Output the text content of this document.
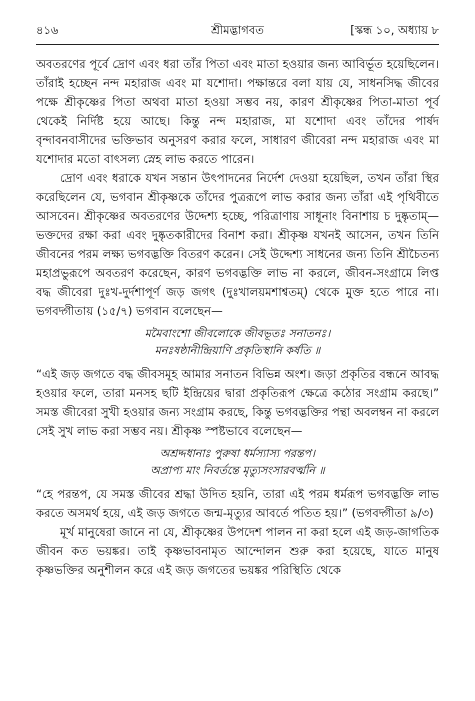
৪১৬	শ্রীমদ্ভাগবত	[স্কন্ধ ১০, অধ্যায় ৮

অবতরণের পূর্বে দ্রোণ এবং ধরা তাঁর পিতা এবং মাতা হওয়ার জন্য আবির্ভূত হয়েছিলেন। তাঁরাই হচ্ছেন নন্দ মহারাজ এবং মা যশোদা। পক্ষান্তরে বলা যায় যে, সাধনসিদ্ধ জীবের পক্ষে শ্রীকৃষ্ণের পিতা অথবা মাতা হওয়া সম্ভব নয়, কারণ শ্রীকৃষ্ণের পিতা-মাতা পূর্ব থেকেই নির্দিষ্ট হয়ে আছে। কিন্তু নন্দ মহারাজ, মা যশোদা এবং তাঁদের পার্ষদ বৃন্দাবনবাসীদের ভক্তিভাব অনুসরণ করার ফলে, সাধারণ জীবেরা নন্দ মহারাজ এবং মা যশোদার মতো বাৎসল্য স্নেহ লাভ করতে পারেন।

দ্রোণ এবং ধরাকে যখন সন্তান উৎপাদনের নির্দেশ দেওয়া হয়েছিল, তখন তাঁরা স্থির করেছিলেন যে, ভগবান শ্রীকৃষ্ণকে তাঁদের পুত্ররূপে লাভ করার জন্য তাঁরা এই পৃথিবীতে আসবেন। শ্রীকৃষ্ণের অবতরণের উদ্দেশ্য হচ্ছে, পরিত্রাণায় সাধূনাং বিনাশায় চ দুষ্কৃতাম্—ভক্তদের রক্ষা করা এবং দুষ্কৃতকারীদের বিনাশ করা। শ্রীকৃষ্ণ যখনই আসেন, তখন তিনি জীবনের পরম লক্ষ্য ভগবদ্ভক্তি বিতরণ করেন। সেই উদ্দেশ্য সাধনের জন্য তিনি শ্রীচৈতন্য মহাপ্রভুরূপে অবতরণ করেছেন, কারণ ভগবদ্ভক্তি লাভ না করলে, জীবন-সংগ্রামে লিপ্ত বদ্ধ জীবেরা দুঃখ-দুর্দশাপূর্ণ জড় জগৎ (দুঃখালয়মশাশ্বতম্) থেকে মুক্ত হতে পারে না। ভগবদ্গীতায় (১৫/৭) ভগবান বলেছেন—

মমৈবাংশো জীবলোকে জীবভূতঃ সনাতনঃ।
মনঃষষ্ঠানীন্দ্রিয়াণি প্রকৃতিস্থানি কর্ষতি ॥

“এই জড় জগতে বদ্ধ জীবসমূহ আমার সনাতন বিভিন্ন অংশ। জড়া প্রকৃতির বন্ধনে আবদ্ধ হওয়ার ফলে, তারা মনসহ ছটি ইন্দ্রিয়ের দ্বারা প্রকৃতিরূপ ক্ষেত্রে কঠোর সংগ্রাম করছে।” সমস্ত জীবেরা সুখী হওয়ার জন্য সংগ্রাম করছে, কিন্তু ভগবদ্ভক্তির পন্থা অবলম্বন না করলে সেই সুখ লাভ করা সম্ভব নয়। শ্রীকৃষ্ণ স্পষ্টভাবে বলেছেন—

অশ্রদ্দধানাঃ পুরুষা ধর্মস্যাস্য পরন্তপ।
অপ্রাপ্য মাং নিবর্তন্তে মৃত্যুসংসারবর্ত্মনি ॥

“হে পরন্তপ, যে সমস্ত জীবের শ্রদ্ধা উদিত হয়নি, তারা এই পরম ধর্মরূপ ভগবদ্ভক্তি লাভ করতে অসমর্থ হয়ে, এই জড় জগতে জন্ম-মৃত্যুর আবর্তে পতিত হয়।” (ভগবদ্গীতা ৯/৩)

মূর্খ মানুষেরা জানে না যে, শ্রীকৃষ্ণের উপদেশ পালন না করা হলে এই জড়-জাগতিক জীবন কত ভয়ঙ্কর। তাই কৃষ্ণভাবনামৃত আন্দোলন শুরু করা হয়েছে, যাতে মানুষ কৃষ্ণভক্তির অনুশীলন করে এই জড় জগতের ভয়ঙ্কর পরিস্থিতি থেকে
